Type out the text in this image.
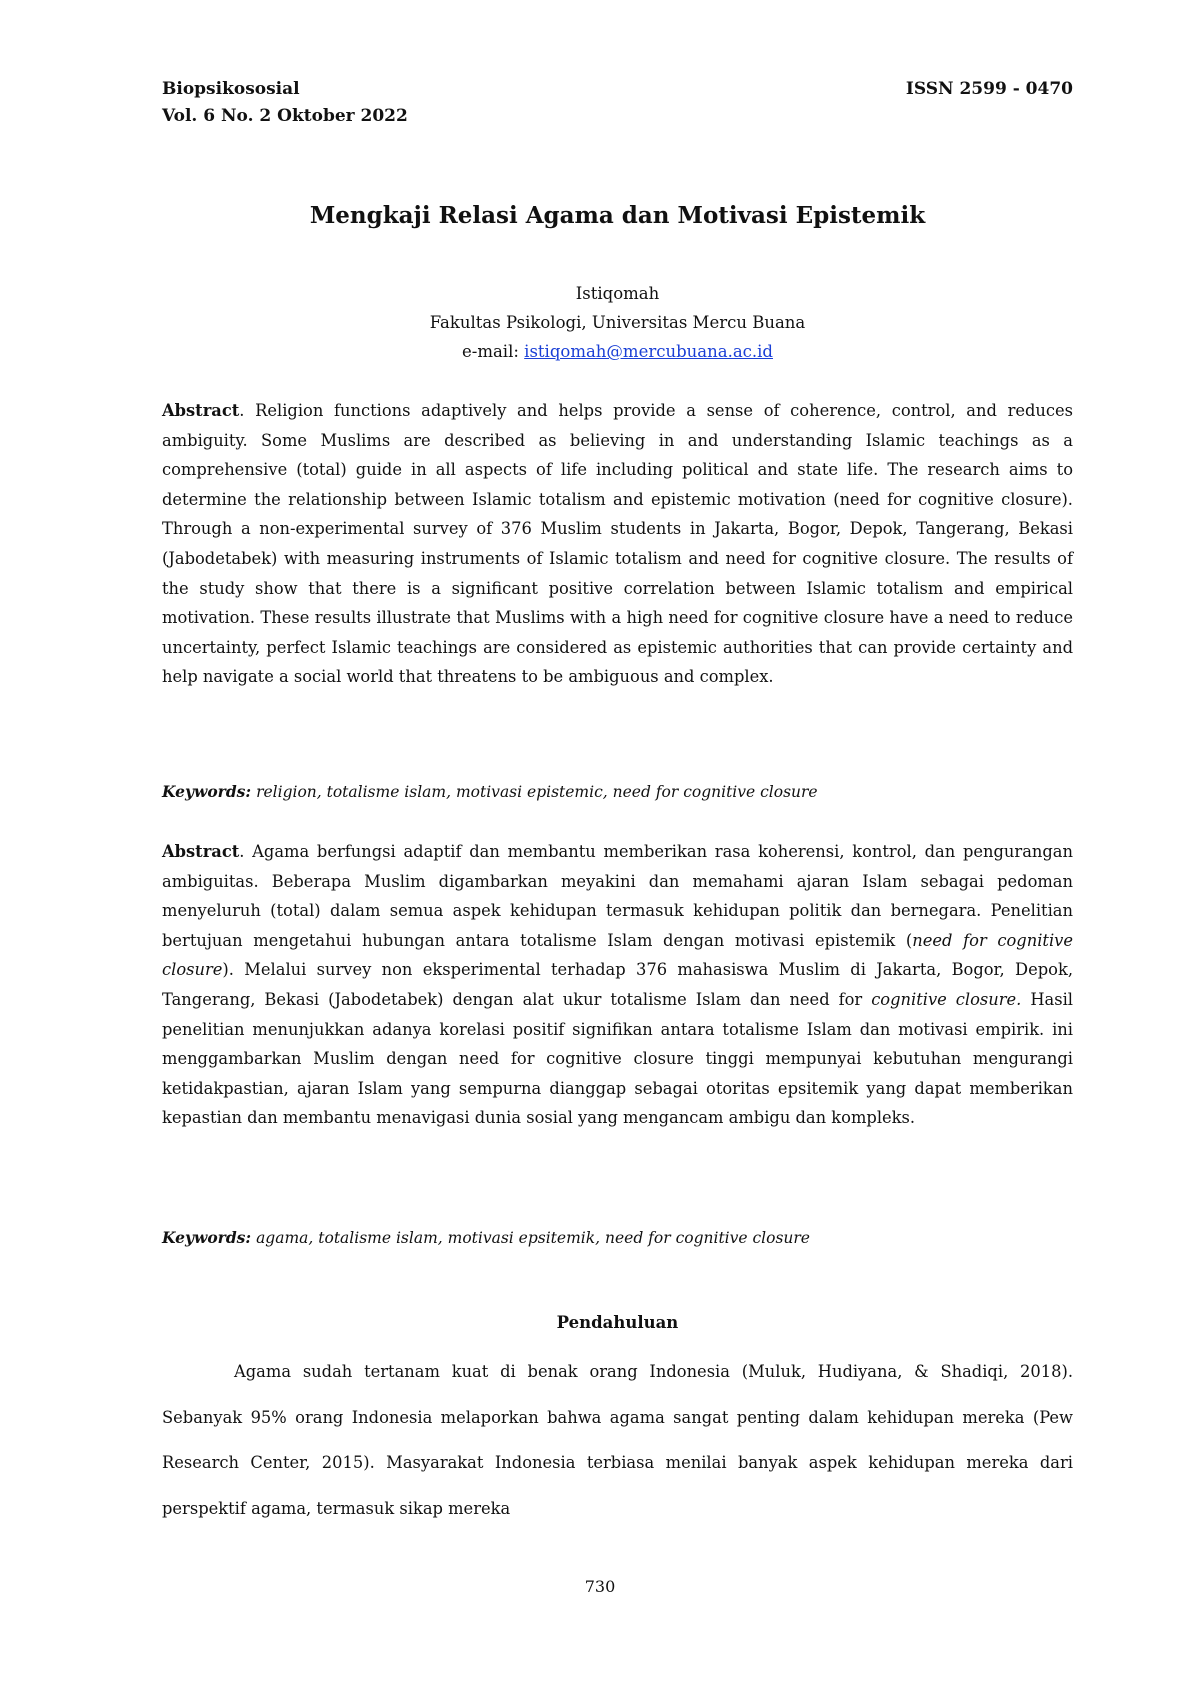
Biopsikososial	ISSN 2599 - 0470
Vol. 6 No. 2 Oktober 2022
Mengkaji Relasi Agama dan Motivasi Epistemik
Istiqomah
Fakultas Psikologi, Universitas Mercu Buana
e-mail: istiqomah@mercubuana.ac.id
Abstract. Religion functions adaptively and helps provide a sense of coherence, control, and reduces ambiguity. Some Muslims are described as believing in and understanding Islamic teachings as a comprehensive (total) guide in all aspects of life including political and state life. The research aims to determine the relationship between Islamic totalism and epistemic motivation (need for cognitive closure). Through a non-experimental survey of 376 Muslim students in Jakarta, Bogor, Depok, Tangerang, Bekasi (Jabodetabek) with measuring instruments of Islamic totalism and need for cognitive closure. The results of the study show that there is a significant positive correlation between Islamic totalism and empirical motivation. These results illustrate that Muslims with a high need for cognitive closure have a need to reduce uncertainty, perfect Islamic teachings are considered as epistemic authorities that can provide certainty and help navigate a social world that threatens to be ambiguous and complex.
Keywords: religion, totalisme islam, motivasi epistemic, need for cognitive closure
Abstract. Agama berfungsi adaptif dan membantu memberikan rasa koherensi, kontrol, dan pengurangan ambiguitas. Beberapa Muslim digambarkan meyakini dan memahami ajaran Islam sebagai pedoman menyeluruh (total) dalam semua aspek kehidupan termasuk kehidupan politik dan bernegara. Penelitian bertujuan mengetahui hubungan antara totalisme Islam dengan motivasi epistemik (need for cognitive closure). Melalui survey non eksperimental terhadap 376 mahasiswa Muslim di Jakarta, Bogor, Depok, Tangerang, Bekasi (Jabodetabek) dengan alat ukur totalisme Islam dan need for cognitive closure. Hasil penelitian menunjukkan adanya korelasi positif signifikan antara totalisme Islam dan motivasi empirik. ini menggambarkan Muslim dengan need for cognitive closure tinggi mempunyai kebutuhan mengurangi ketidakpastian, ajaran Islam yang sempurna dianggap sebagai otoritas epsitemik yang dapat memberikan kepastian dan membantu menavigasi dunia sosial yang mengancam ambigu dan kompleks.
Keywords: agama, totalisme islam, motivasi epsitemik, need for cognitive closure
Pendahuluan
Agama sudah tertanam kuat di benak orang Indonesia (Muluk, Hudiyana, & Shadiqi, 2018). Sebanyak 95% orang Indonesia melaporkan bahwa agama sangat penting dalam kehidupan mereka (Pew Research Center, 2015). Masyarakat Indonesia terbiasa menilai banyak aspek kehidupan mereka dari perspektif agama, termasuk sikap mereka
730
